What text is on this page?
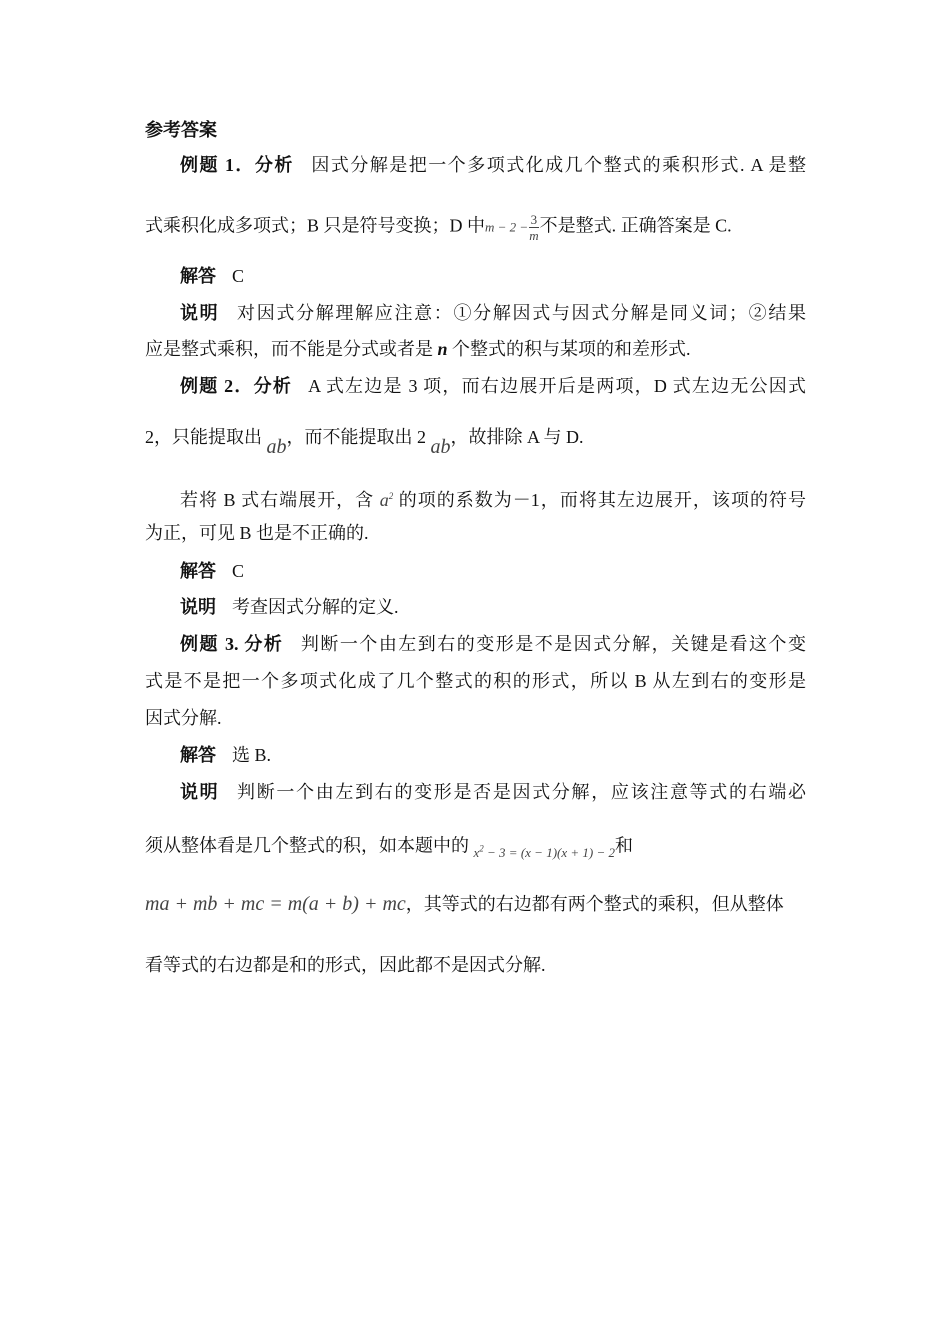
参考答案
例题 1．分析 因式分解是把一个多项式化成几个整式的乘积形式. A 是整
式乘积化成多项式；B 只是符号变换；D 中$m - 2 - \frac{3}{m}$ 不是整式. 正确答案是 C.
解答 C
说明 对因式分解理解应注意：①分解因式与因式分解是同义词；②结果
应是整式乘积，而不能是分式或者是 n 个整式的积与某项的和差形式.
例题 2．分析 A 式左边是 3 项，而右边展开后是两项，D 式左边无公因式
2，只能提取出 ab，而不能提取出 2 ab，故排除 A 与 D.
若将 B 式右端展开，含 $a^2$ 的项的系数为－1，而将其左边展开，该项的符号
为正，可见 B 也是不正确的.
解答 C
说明 考查因式分解的定义.
例题 3. 分析 判断一个由左到右的变形是不是因式分解，关键是看这个变
式是不是把一个多项式化成了几个整式的积的形式，所以 B 从左到右的变形是
因式分解.
解答 选 B.
说明 判断一个由左到右的变形是否是因式分解，应该注意等式的右端必
须从整体看是几个整式的积，如本题中的 $_{x^2 - 3 = (x - 1)(x + 1) - 2}$和
ma + mb + mc = m(a + b) + mc，其等式的右边都有两个整式的乘积，但从整体
看等式的右边都是和的形式，因此都不是因式分解.
